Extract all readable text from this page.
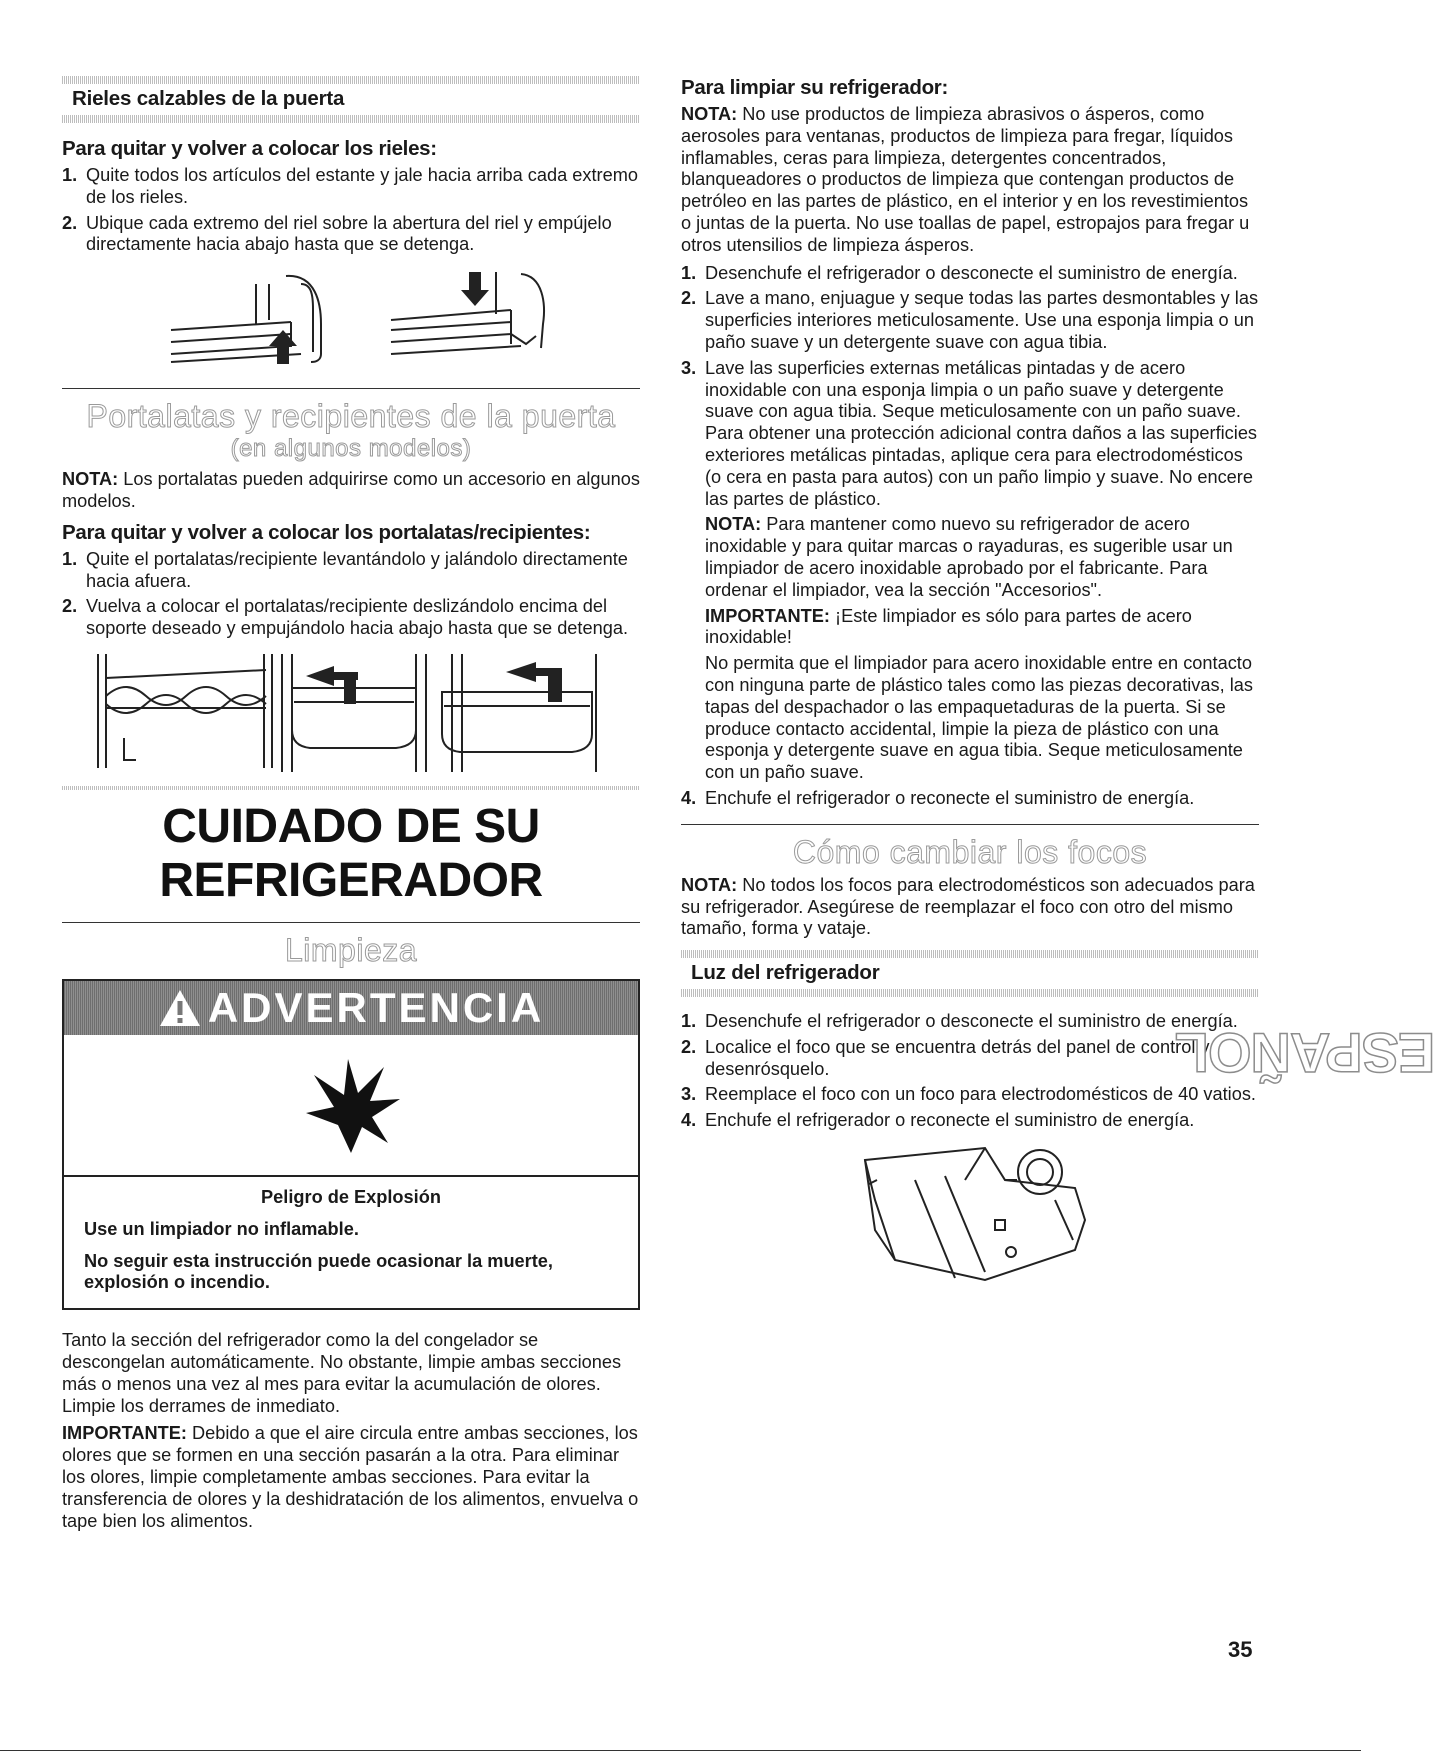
Rieles calzables de la puerta
Para quitar y volver a colocar los rieles:
1. Quite todos los artículos del estante y jale hacia arriba cada extremo de los rieles.
2. Ubique cada extremo del riel sobre la abertura del riel y empújelo directamente hacia abajo hasta que se detenga.
Portalatas y recipientes de la puerta
(en algunos modelos)

NOTA: Los portalatas pueden adquirirse como un accesorio en algunos modelos.

Para quitar y volver a colocar los portalatas/recipientes:
1. Quite el portalatas/recipiente levantándolo y jalándolo directamente hacia afuera.
2. Vuelva a colocar el portalatas/recipiente deslizándolo encima del soporte deseado y empujándolo hacia abajo hasta que se detenga.
CUIDADO DE SU
REFRIGERADOR
Limpieza
ADVERTENCIA

Peligro de Explosión

Use un limpiador no inflamable.

No seguir esta instrucción puede ocasionar la muerte, explosión o incendio.

Tanto la sección del refrigerador como la del congelador se descongelan automáticamente. No obstante, limpie ambas secciones más o menos una vez al mes para evitar la acumulación de olores. Limpie los derrames de inmediato.

IMPORTANTE: Debido a que el aire circula entre ambas secciones, los olores que se formen en una sección pasarán a la otra. Para eliminar los olores, limpie completamente ambas secciones. Para evitar la transferencia de olores y la deshidratación de los alimentos, envuelva o tape bien los alimentos.

Para limpiar su refrigerador:

NOTA: No use productos de limpieza abrasivos o ásperos, como aerosoles para ventanas, productos de limpieza para fregar, líquidos inflamables, ceras para limpieza, detergentes concentrados, blanqueadores o productos de limpieza que contengan productos de petróleo en las partes de plástico, en el interior y en los revestimientos o juntas de la puerta. No use toallas de papel, estropajos para fregar u otros utensilios de limpieza ásperos.

1. Desenchufe el refrigerador o desconecte el suministro de energía.
2. Lave a mano, enjuague y seque todas las partes desmontables y las superficies interiores meticulosamente. Use una esponja limpia o un paño suave y un detergente suave con agua tibia.
3. Lave las superficies externas metálicas pintadas y de acero inoxidable con una esponja limpia o un paño suave y detergente suave con agua tibia. Seque meticulosamente con un paño suave. Para obtener una protección adicional contra daños a las superficies exteriores metálicas pintadas, aplique cera para electrodomésticos (o cera en pasta para autos) con un paño limpio y suave. No encere las partes de plástico.

NOTA: Para mantener como nuevo su refrigerador de acero inoxidable y para quitar marcas o rayaduras, es sugerible usar un limpiador de acero inoxidable aprobado por el fabricante. Para ordenar el limpiador, vea la sección "Accesorios".

IMPORTANTE: ¡Este limpiador es sólo para partes de acero inoxidable!

No permita que el limpiador para acero inoxidable entre en contacto con ninguna parte de plástico tales como las piezas decorativas, las tapas del despachador o las empaquetaduras de la puerta. Si se produce contacto accidental, limpie la pieza de plástico con una esponja y detergente suave en agua tibia. Seque meticulosamente con un paño suave.

4. Enchufe el refrigerador o reconecte el suministro de energía.
Cómo cambiar los focos

NOTA: No todos los focos para electrodomésticos son adecuados para su refrigerador. Asegúrese de reemplazar el foco con otro del mismo tamaño, forma y vataje.

Luz del refrigerador
1. Desenchufe el refrigerador o desconecte el suministro de energía.
2. Localice el foco que se encuentra detrás del panel de control y desenrósquelo.
3. Reemplace el foco con un foco para electrodomésticos de 40 vatios.
4. Enchufe el refrigerador o reconecte el suministro de energía.
ESPAÑOL
35
